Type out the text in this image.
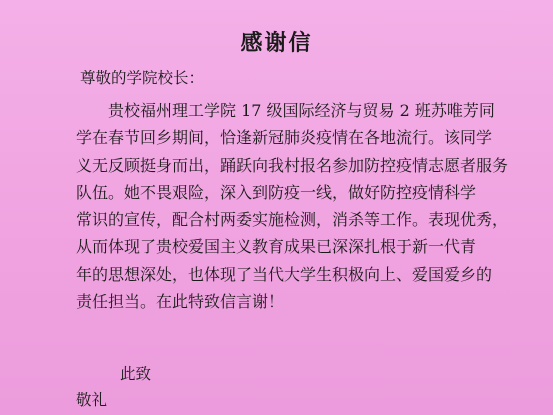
感谢信
尊敬的学院校长：
贵校福州理工学院 17 级国际经济与贸易 2 班苏唯芳同
学在春节回乡期间，恰逢新冠肺炎疫情在各地流行。该同学
义无反顾挺身而出，踊跃向我村报名参加防控疫情志愿者服务
队伍。她不畏艰险，深入到防疫一线，做好防控疫情科学
常识的宣传，配合村两委实施检测，消杀等工作。表现优秀，
从而体现了贵校爱国主义教育成果已深深扎根于新一代青
年的思想深处，也体现了当代大学生积极向上、爱国爱乡的
责任担当。在此特致信言谢！
此致
敬礼
